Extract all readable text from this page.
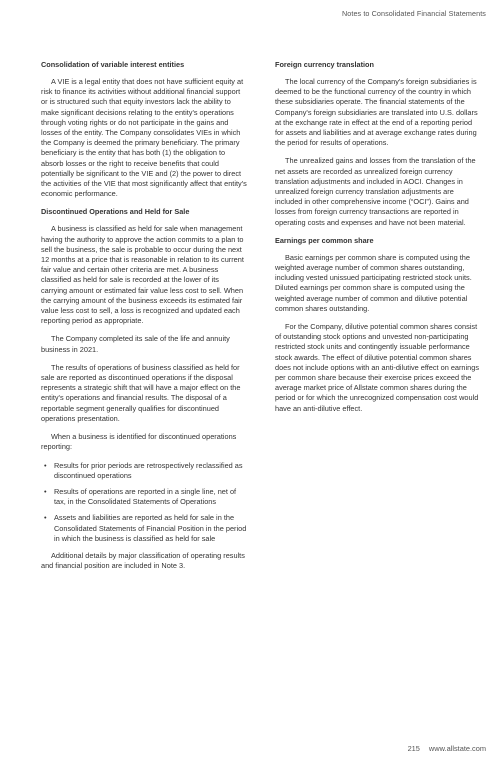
Notes to Consolidated Financial Statements
Consolidation of variable interest entities

A VIE is a legal entity that does not have sufficient equity at risk to finance its activities without additional financial support or is structured such that equity investors lack the ability to make significant decisions relating to the entity's operations through voting rights or do not participate in the gains and losses of the entity. The Company consolidates VIEs in which the Company is deemed the primary beneficiary. The primary beneficiary is the entity that has both (1) the obligation to absorb losses or the right to receive benefits that could potentially be significant to the VIE and (2) the power to direct the activities of the VIE that most significantly affect that entity's economic performance.

Discontinued Operations and Held for Sale

A business is classified as held for sale when management having the authority to approve the action commits to a plan to sell the business, the sale is probable to occur during the next 12 months at a price that is reasonable in relation to its current fair value and certain other criteria are met. A business classified as held for sale is recorded at the lower of its carrying amount or estimated fair value less cost to sell. When the carrying amount of the business exceeds its estimated fair value less cost to sell, a loss is recognized and updated each reporting period as appropriate.

The Company completed its sale of the life and annuity business in 2021.

The results of operations of business classified as held for sale are reported as discontinued operations if the disposal represents a strategic shift that will have a major effect on the entity's operations and financial results. The disposal of a reportable segment generally qualifies for discontinued operations presentation.

When a business is identified for discontinued operations reporting:

• Results for prior periods are retrospectively reclassified as discontinued operations
• Results of operations are reported in a single line, net of tax, in the Consolidated Statements of Operations
• Assets and liabilities are reported as held for sale in the Consolidated Statements of Financial Position in the period in which the business is classified as held for sale

Additional details by major classification of operating results and financial position are included in Note 3.

Foreign currency translation

The local currency of the Company's foreign subsidiaries is deemed to be the functional currency of the country in which these subsidiaries operate. The financial statements of the Company's foreign subsidiaries are translated into U.S. dollars at the exchange rate in effect at the end of a reporting period for assets and liabilities and at average exchange rates during the period for results of operations.

The unrealized gains and losses from the translation of the net assets are recorded as unrealized foreign currency translation adjustments and included in AOCI. Changes in unrealized foreign currency translation adjustments are included in other comprehensive income (“OCI”). Gains and losses from foreign currency transactions are reported in operating costs and expenses and have not been material.

Earnings per common share

Basic earnings per common share is computed using the weighted average number of common shares outstanding, including vested unissued participating restricted stock units. Diluted earnings per common share is computed using the weighted average number of common and dilutive potential common shares outstanding.

For the Company, dilutive potential common shares consist of outstanding stock options and unvested non-participating restricted stock units and contingently issuable performance stock awards. The effect of dilutive potential common shares does not include options with an anti-dilutive effect on earnings per common share because their exercise prices exceed the average market price of Allstate common shares during the period or for which the unrecognized compensation cost would have an anti-dilutive effect.

215 www.allstate.com
